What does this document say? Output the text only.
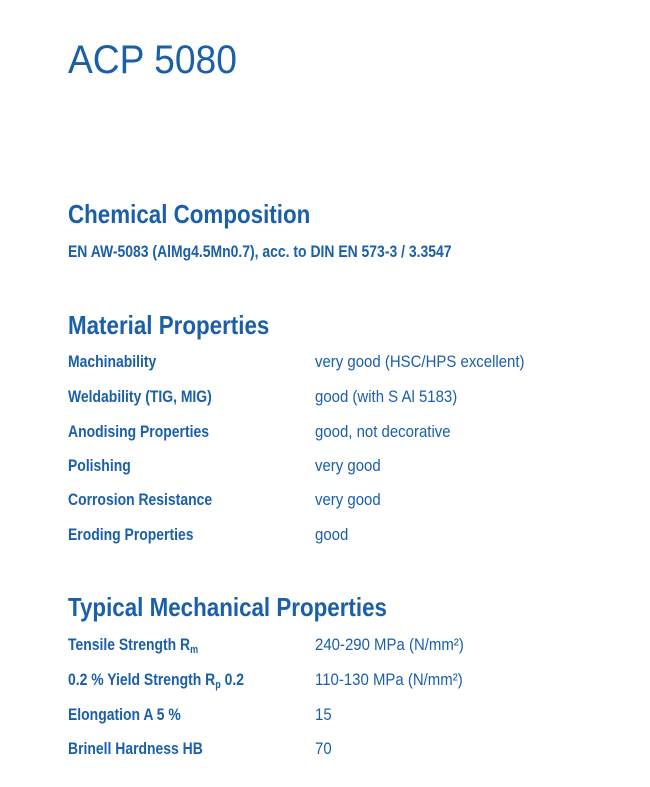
ACP 5080
Chemical Composition
EN AW-5083 (AlMg4.5Mn0.7), acc. to DIN EN 573-3 / 3.3547
Material Properties
Machinability	very good (HSC/HPS excellent)
Weldability (TIG, MIG)	good (with S Al 5183)
Anodising Properties	good, not decorative
Polishing	very good
Corrosion Resistance	very good
Eroding Properties	good
Typical Mechanical Properties
Tensile Strength $R_m$	240-290 MPa (N/mm²)
0.2 % Yield Strength $R_p$ 0.2	110-130 MPa (N/mm²)
Elongation A 5 %	15
Brinell Hardness HB	70
